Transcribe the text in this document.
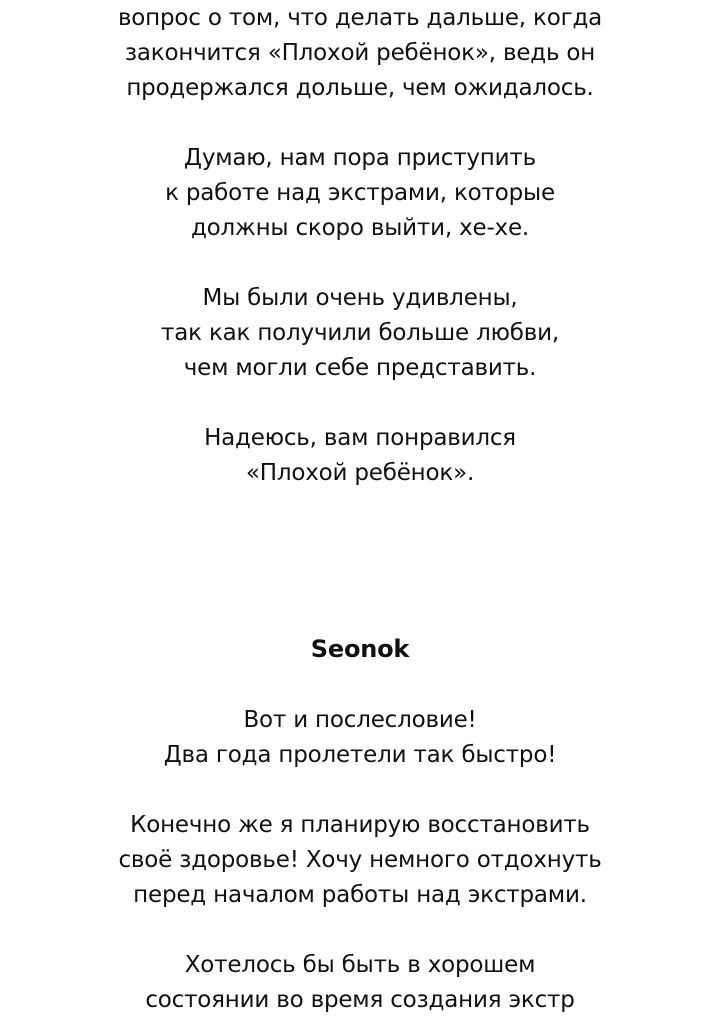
вопрос о том, что делать дальше, когда
закончится «Плохой ребёнок», ведь он
продержался дольше, чем ожидалось.
Думаю, нам пора приступить
к работе над экстрами, которые
должны скоро выйти, хе-хе.
Мы были очень удивлены,
так как получили больше любви,
чем могли себе представить.
Надеюсь, вам понравился
«Плохой ребёнок».
Seonok
Вот и послесловие!
Два года пролетели так быстро!
Конечно же я планирую восстановить
своё здоровье! Хочу немного отдохнуть
перед началом работы над экстрами.
Хотелось бы быть в хорошем
состоянии во время создания экстр
